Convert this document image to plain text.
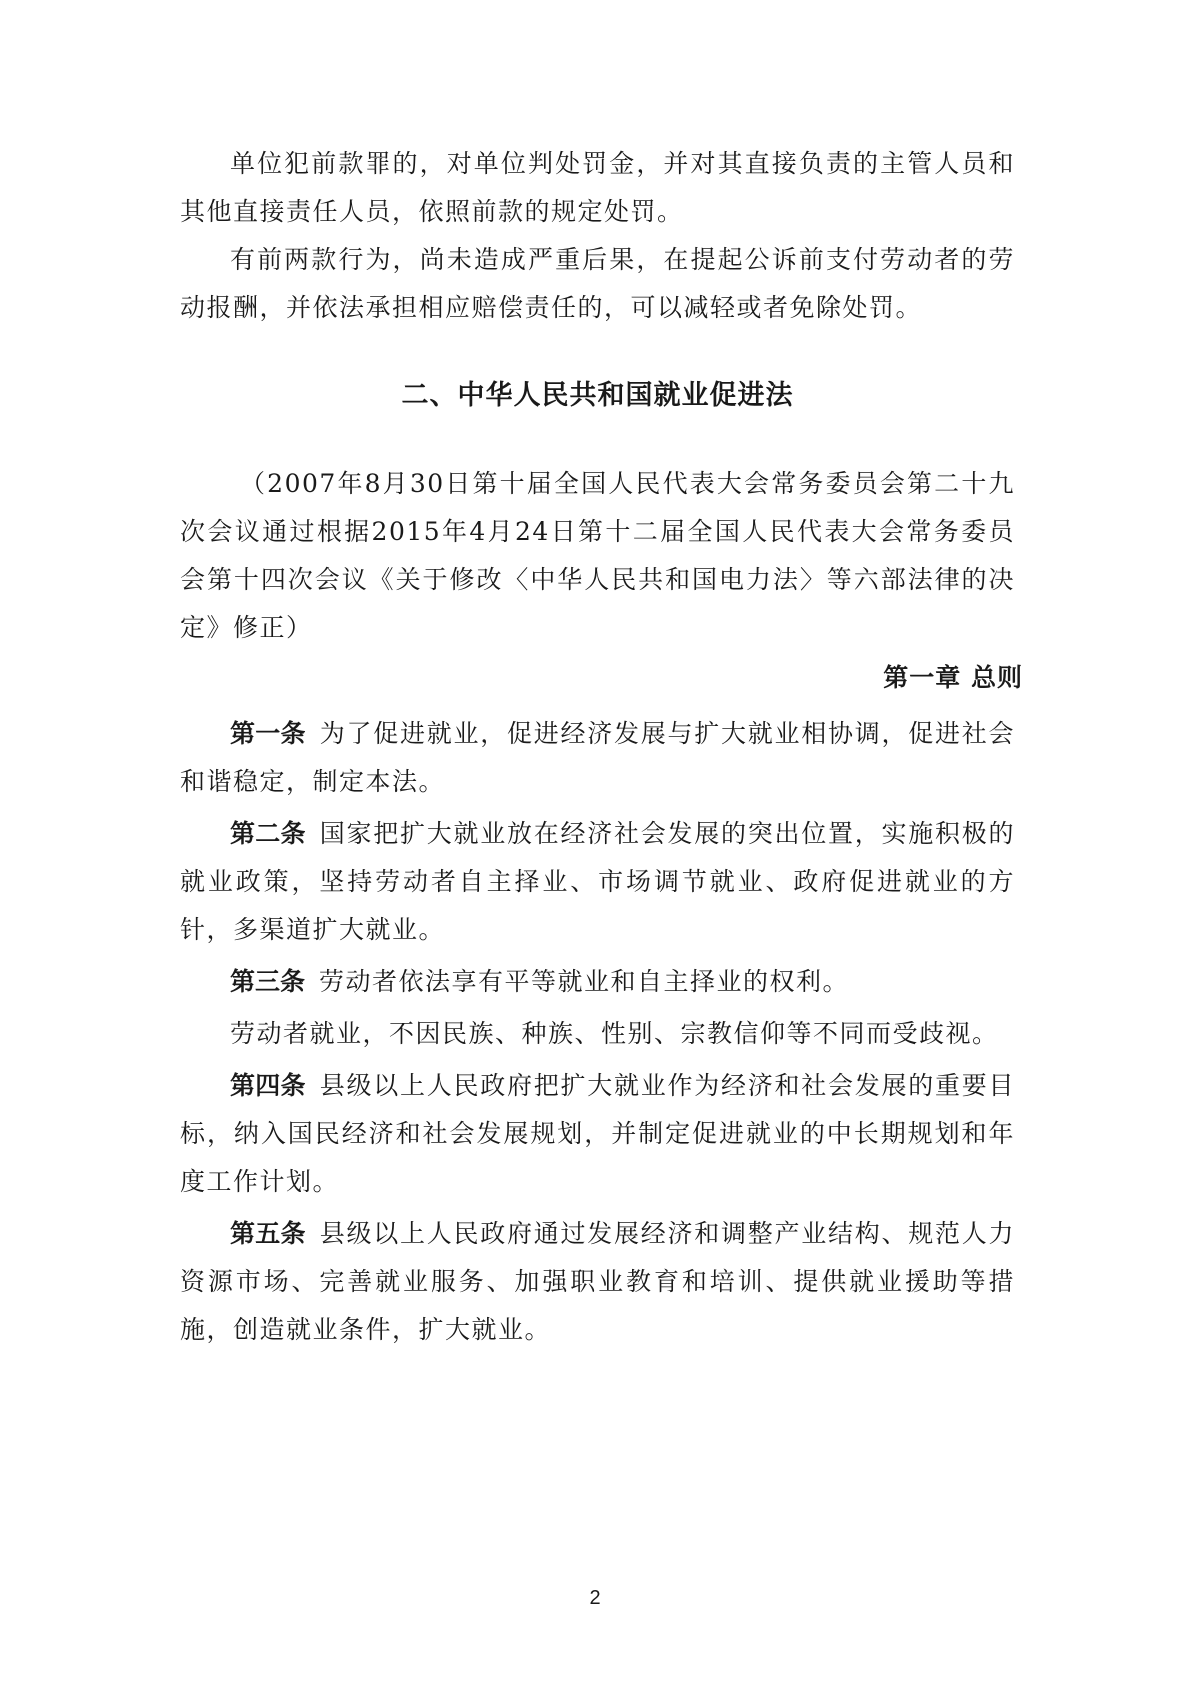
单位犯前款罪的，对单位判处罚金，并对其直接负责的主管人员和其他直接责任人员，依照前款的规定处罚。

有前两款行为，尚未造成严重后果，在提起公诉前支付劳动者的劳动报酬，并依法承担相应赔偿责任的，可以减轻或者免除处罚。

二、中华人民共和国就业促进法

（2007年8月30日第十届全国人民代表大会常务委员会第二十九次会议通过根据2015年4月24日第十二届全国人民代表大会常务委员会第十四次会议《关于修改〈中华人民共和国电力法〉等六部法律的决定》修正）

第一章 总则

第一条 为了促进就业，促进经济发展与扩大就业相协调，促进社会和谐稳定，制定本法。

第二条 国家把扩大就业放在经济社会发展的突出位置，实施积极的就业政策，坚持劳动者自主择业、市场调节就业、政府促进就业的方针，多渠道扩大就业。

第三条 劳动者依法享有平等就业和自主择业的权利。

劳动者就业，不因民族、种族、性别、宗教信仰等不同而受歧视。

第四条 县级以上人民政府把扩大就业作为经济和社会发展的重要目标，纳入国民经济和社会发展规划，并制定促进就业的中长期规划和年度工作计划。

第五条 县级以上人民政府通过发展经济和调整产业结构、规范人力资源市场、完善就业服务、加强职业教育和培训、提供就业援助等措施，创造就业条件，扩大就业。

2
